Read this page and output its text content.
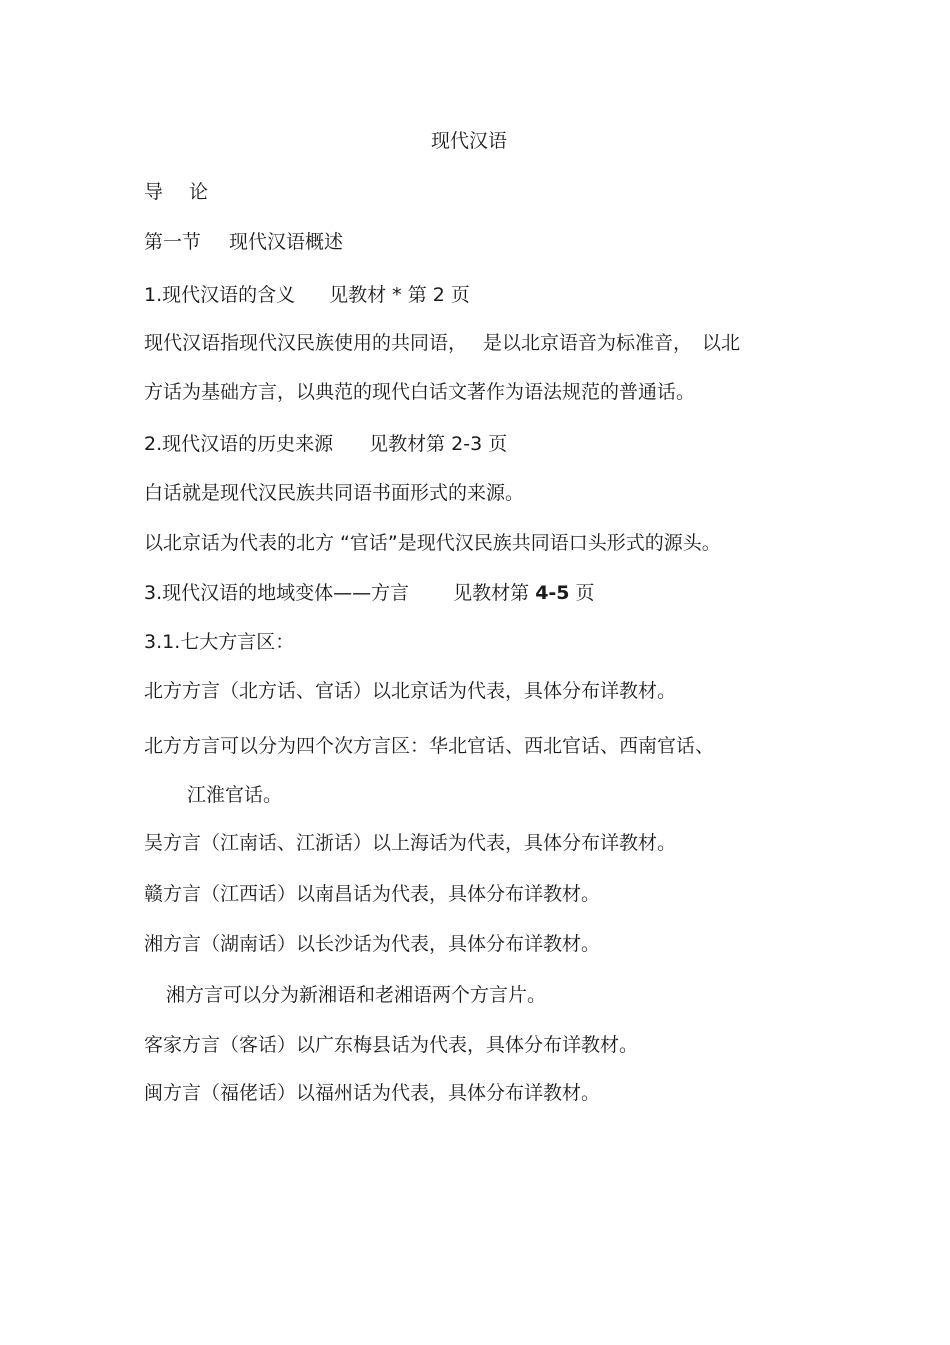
现代汉语
导 论
第一节 现代汉语概述
1.现代汉语的含义 见教材 * 第 2 页
现代汉语指现代汉民族使用的共同语， 是以北京语音为标准音， 以北
方话为基础方言，以典范的现代白话文著作为语法规范的普通话。
2.现代汉语的历史来源 见教材第 2-3 页
白话就是现代汉民族共同语书面形式的来源。
以北京话为代表的北方 “官话”是现代汉民族共同语口头形式的源头。
3.现代汉语的地域变体——方言 见教材第 4-5 页
3.1.七大方言区：
北方方言（北方话、官话）以北京话为代表，具体分布详教材。
北方方言可以分为四个次方言区：华北官话、西北官话、西南官话、
江淮官话。
吴方言（江南话、江浙话）以上海话为代表，具体分布详教材。
赣方言（江西话）以南昌话为代表，具体分布详教材。
湘方言（湖南话）以长沙话为代表，具体分布详教材。
湘方言可以分为新湘语和老湘语两个方言片。
客家方言（客话）以广东梅县话为代表，具体分布详教材。
闽方言（福佬话）以福州话为代表，具体分布详教材。
